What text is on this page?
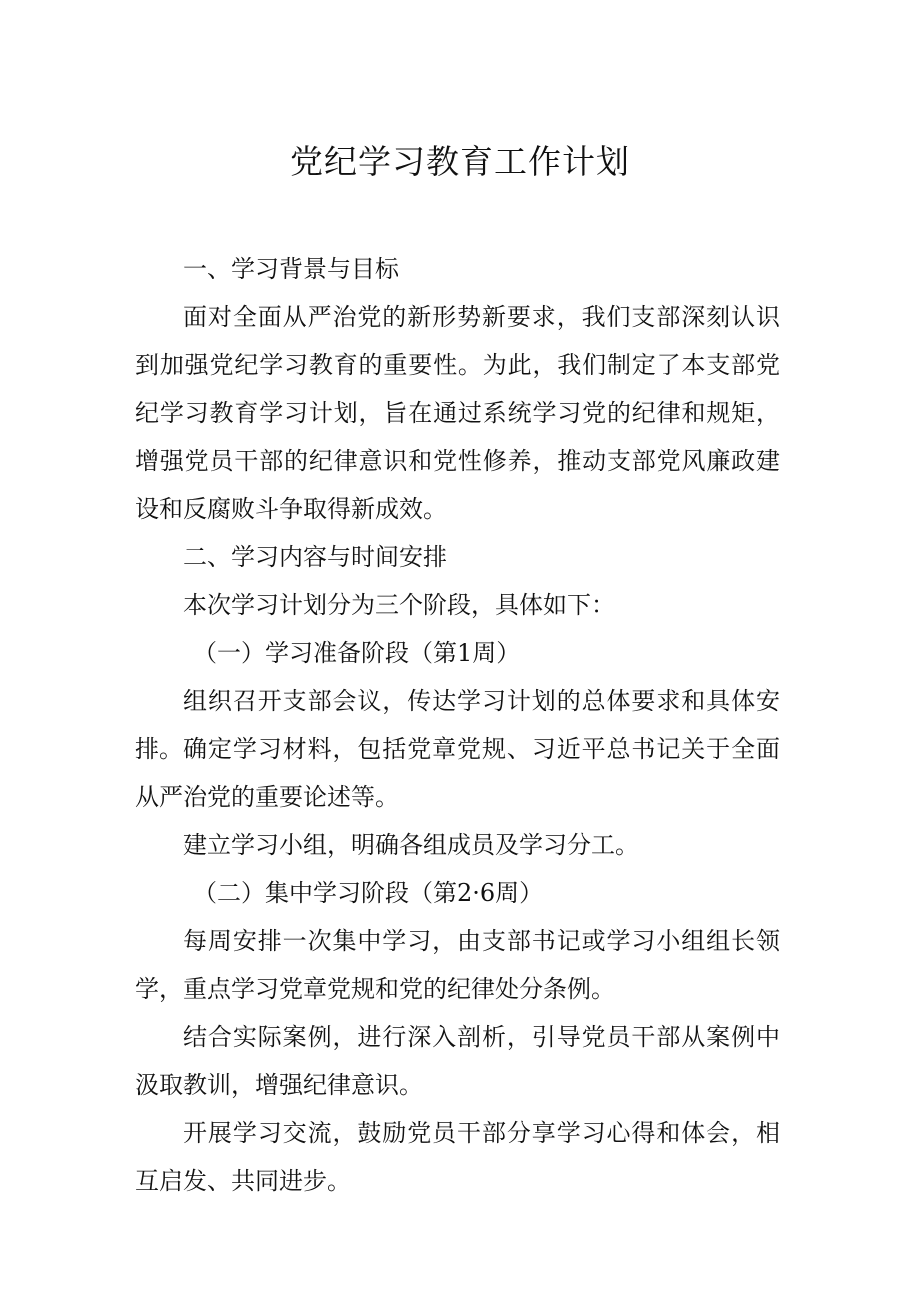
党纪学习教育工作计划
一、学习背景与目标
面对全面从严治党的新形势新要求，我们支部深刻认识到加强党纪学习教育的重要性。为此，我们制定了本支部党纪学习教育学习计划，旨在通过系统学习党的纪律和规矩，增强党员干部的纪律意识和党性修养，推动支部党风廉政建设和反腐败斗争取得新成效。
二、学习内容与时间安排
本次学习计划分为三个阶段，具体如下：
（一）学习准备阶段（第1周）
组织召开支部会议，传达学习计划的总体要求和具体安排。 确定学习材料，包括党章党规、习近平总书记关于全面从严治党的重要论述等。
建立学习小组，明确各组成员及学习分工。
（二）集中学习阶段（第2·6周）
每周安排一次集中学习，由支部书记或学习小组组长领学，重点学习党章党规和党的纪律处分条例。
结合实际案例，进行深入剖析，引导党员干部从案例中汲取教训，增强纪律意识。
开展学习交流，鼓励党员干部分享学习心得和体会，相互启发、共同进步。
